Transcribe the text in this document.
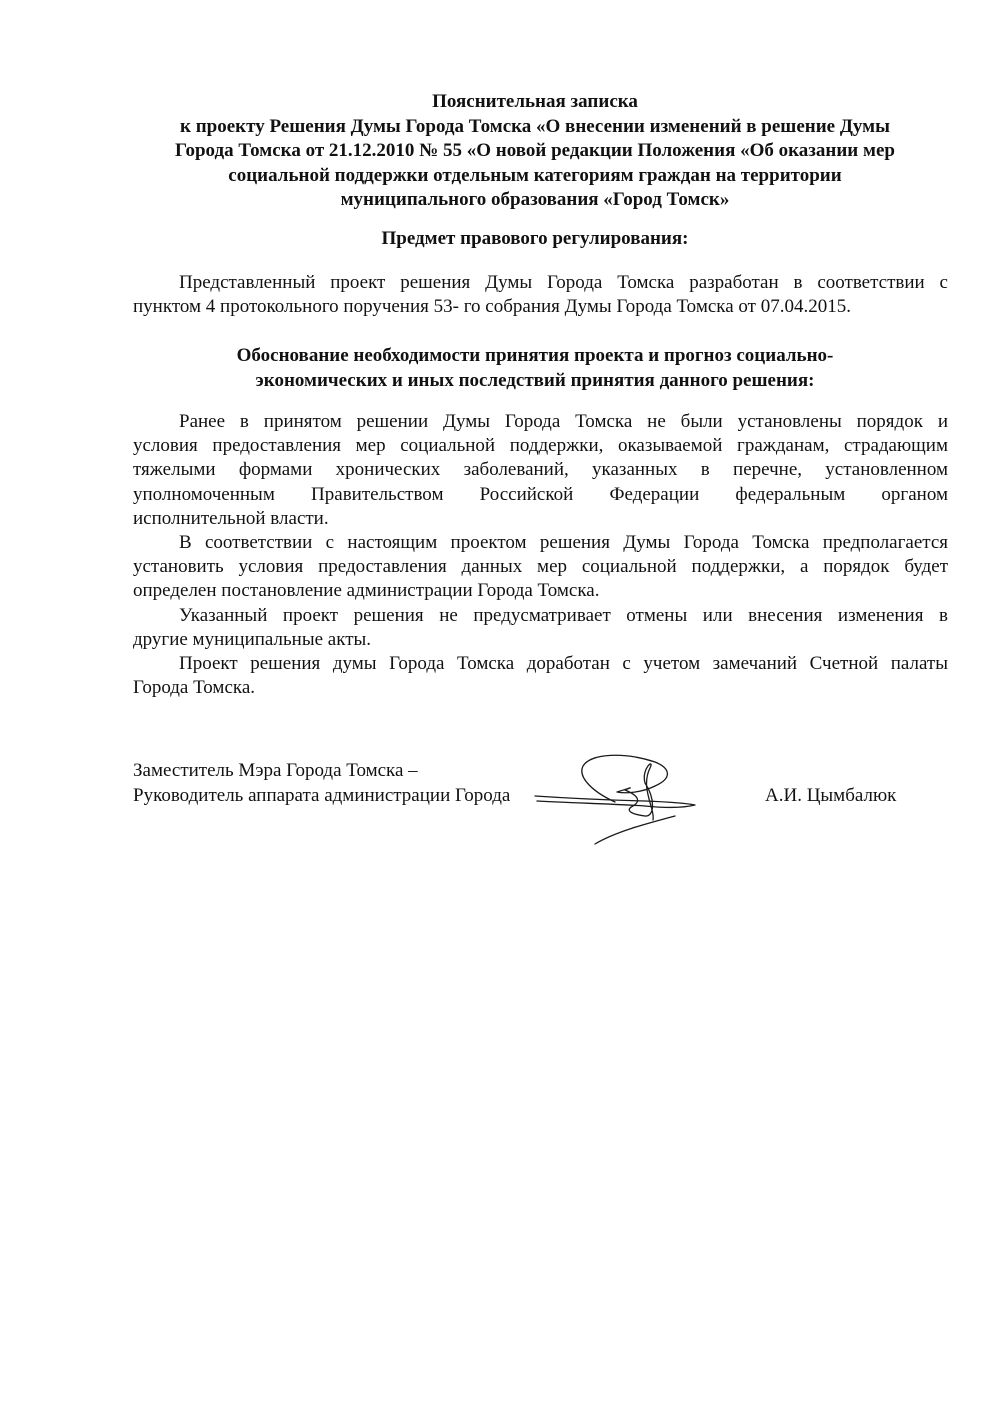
Пояснительная записка
к проекту Решения Думы Города Томска «О внесении изменений в решение Думы
Города Томска от 21.12.2010 № 55 «О новой редакции Положения «Об оказании мер
социальной поддержки отдельным категориям граждан на территории
муниципального образования «Город Томск»
Предмет правового регулирования:
Представленный проект решения Думы Города Томска разработан в соответствии с
пунктом 4 протокольного поручения 53- го собрания Думы Города Томска от 07.04.2015.
Обоснование необходимости принятия проекта и прогноз социально-
экономических и иных последствий принятия данного решения:
Ранее в принятом решении Думы Города Томска не были установлены порядок и
условия предоставления мер социальной поддержки, оказываемой гражданам, страдающим
тяжелыми формами хронических заболеваний, указанных в перечне, установленном
уполномоченным Правительством Российской Федерации федеральным органом
исполнительной власти.
В соответствии с настоящим проектом решения Думы Города Томска предполагается
установить условия предоставления данных мер социальной поддержки, а порядок будет
определен постановление администрации Города Томска.
Указанный проект решения не предусматривает отмены или внесения изменения в
другие муниципальные акты.
Проект решения думы Города Томска доработан с учетом замечаний Счетной палаты
Города Томска.
Заместитель Мэра Города Томска –
Руководитель аппарата администрации Города	А.И. Цымбалюк
